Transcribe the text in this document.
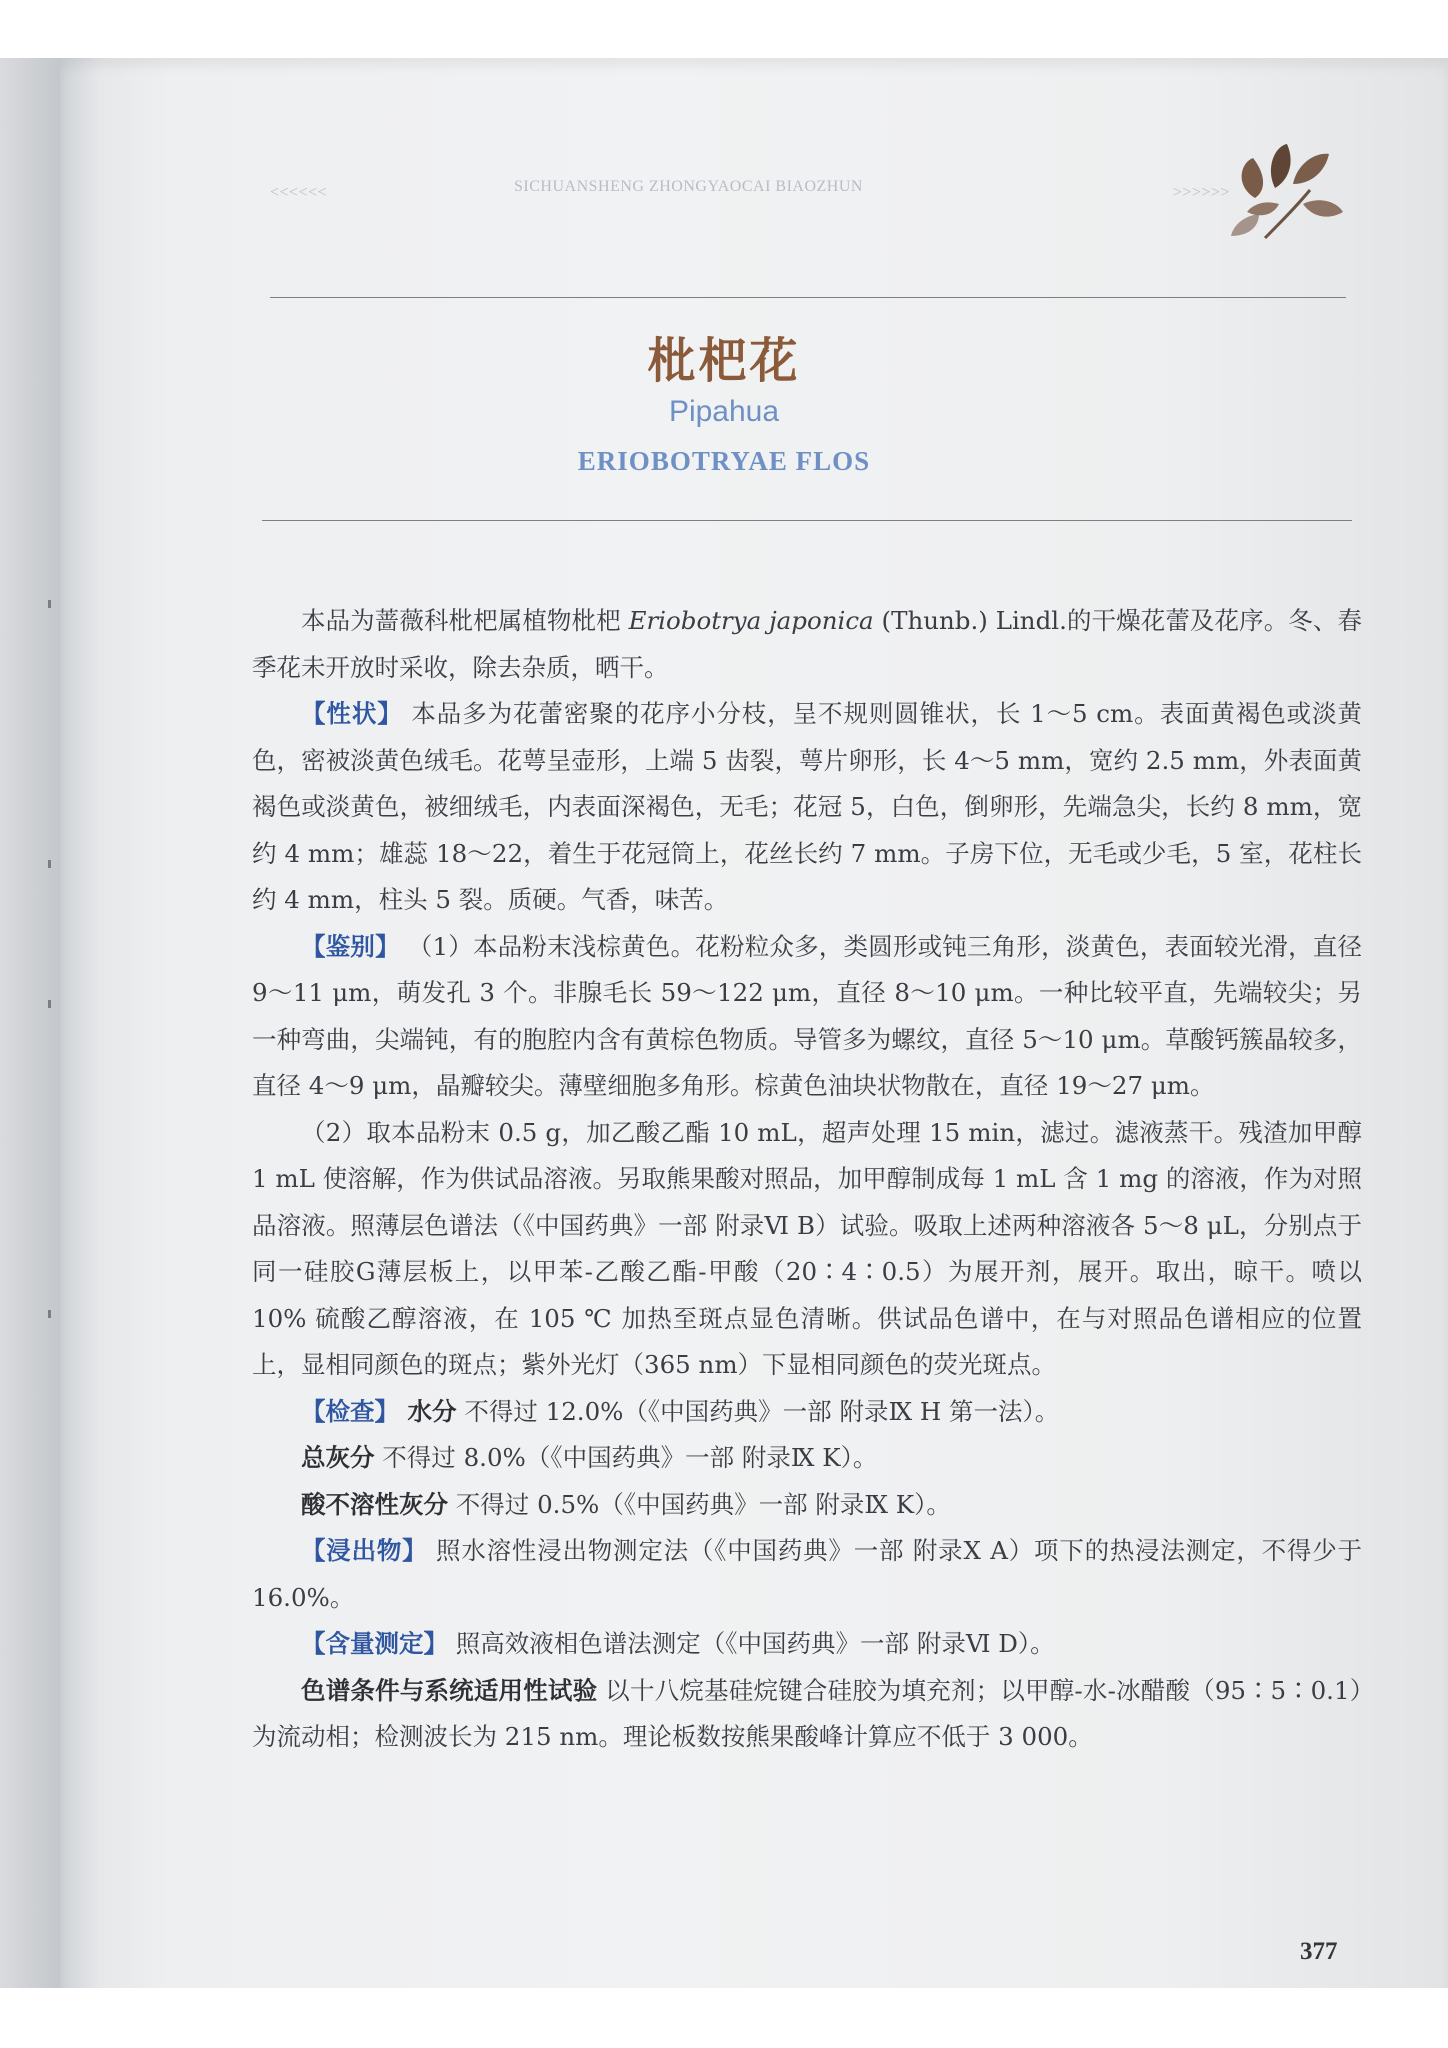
<<<<<<	SICHUANSHENG ZHONGYAOCAI BIAOZHUN	>>>>>>
枇杷花
Pipahua
ERIOBOTRYAE FLOS

本品为蔷薇科枇杷属植物枇杷 Eriobotrya japonica (Thunb.) Lindl.的干燥花蕾及花序。冬、春季花未开放时采收，除去杂质，晒干。

【性状】 本品多为花蕾密聚的花序小分枝，呈不规则圆锥状，长 1～5 cm。表面黄褐色或淡黄色，密被淡黄色绒毛。花萼呈壶形，上端 5 齿裂，萼片卵形，长 4～5 mm，宽约 2.5 mm，外表面黄褐色或淡黄色，被细绒毛，内表面深褐色，无毛；花冠 5，白色，倒卵形，先端急尖，长约 8 mm，宽约 4 mm；雄蕊 18～22，着生于花冠筒上，花丝长约 7 mm。子房下位，无毛或少毛，5 室，花柱长约 4 mm，柱头 5 裂。质硬。气香，味苦。

【鉴别】 （1）本品粉末浅棕黄色。花粉粒众多，类圆形或钝三角形，淡黄色，表面较光滑，直径 9～11 μm，萌发孔 3 个。非腺毛长 59～122 μm，直径 8～10 μm。一种比较平直，先端较尖；另一种弯曲，尖端钝，有的胞腔内含有黄棕色物质。导管多为螺纹，直径 5～10 μm。草酸钙簇晶较多，直径 4～9 μm，晶瓣较尖。薄壁细胞多角形。棕黄色油块状物散在，直径 19～27 μm。

（2）取本品粉末 0.5 g，加乙酸乙酯 10 mL，超声处理 15 min，滤过。滤液蒸干。残渣加甲醇 1 mL 使溶解，作为供试品溶液。另取熊果酸对照品，加甲醇制成每 1 mL 含 1 mg 的溶液，作为对照品溶液。照薄层色谱法（《中国药典》一部 附录Ⅵ B）试验。吸取上述两种溶液各 5～8 μL，分别点于同一硅胶G薄层板上，以甲苯-乙酸乙酯-甲酸（20∶4∶0.5）为展开剂，展开。取出，晾干。喷以 10% 硫酸乙醇溶液，在 105 ℃ 加热至斑点显色清晰。供试品色谱中，在与对照品色谱相应的位置上，显相同颜色的斑点；紫外光灯（365 nm）下显相同颜色的荧光斑点。

【检查】 水分 不得过 12.0%（《中国药典》一部 附录Ⅸ H 第一法）。

总灰分 不得过 8.0%（《中国药典》一部 附录Ⅸ K）。

酸不溶性灰分 不得过 0.5%（《中国药典》一部 附录Ⅸ K）。

【浸出物】 照水溶性浸出物测定法（《中国药典》一部 附录Ⅹ A）项下的热浸法测定，不得少于 16.0%。

【含量测定】 照高效液相色谱法测定（《中国药典》一部 附录Ⅵ D）。

色谱条件与系统适用性试验 以十八烷基硅烷键合硅胶为填充剂；以甲醇-水-冰醋酸（95∶5∶0.1）为流动相；检测波长为 215 nm。理论板数按熊果酸峰计算应不低于 3 000。

377
